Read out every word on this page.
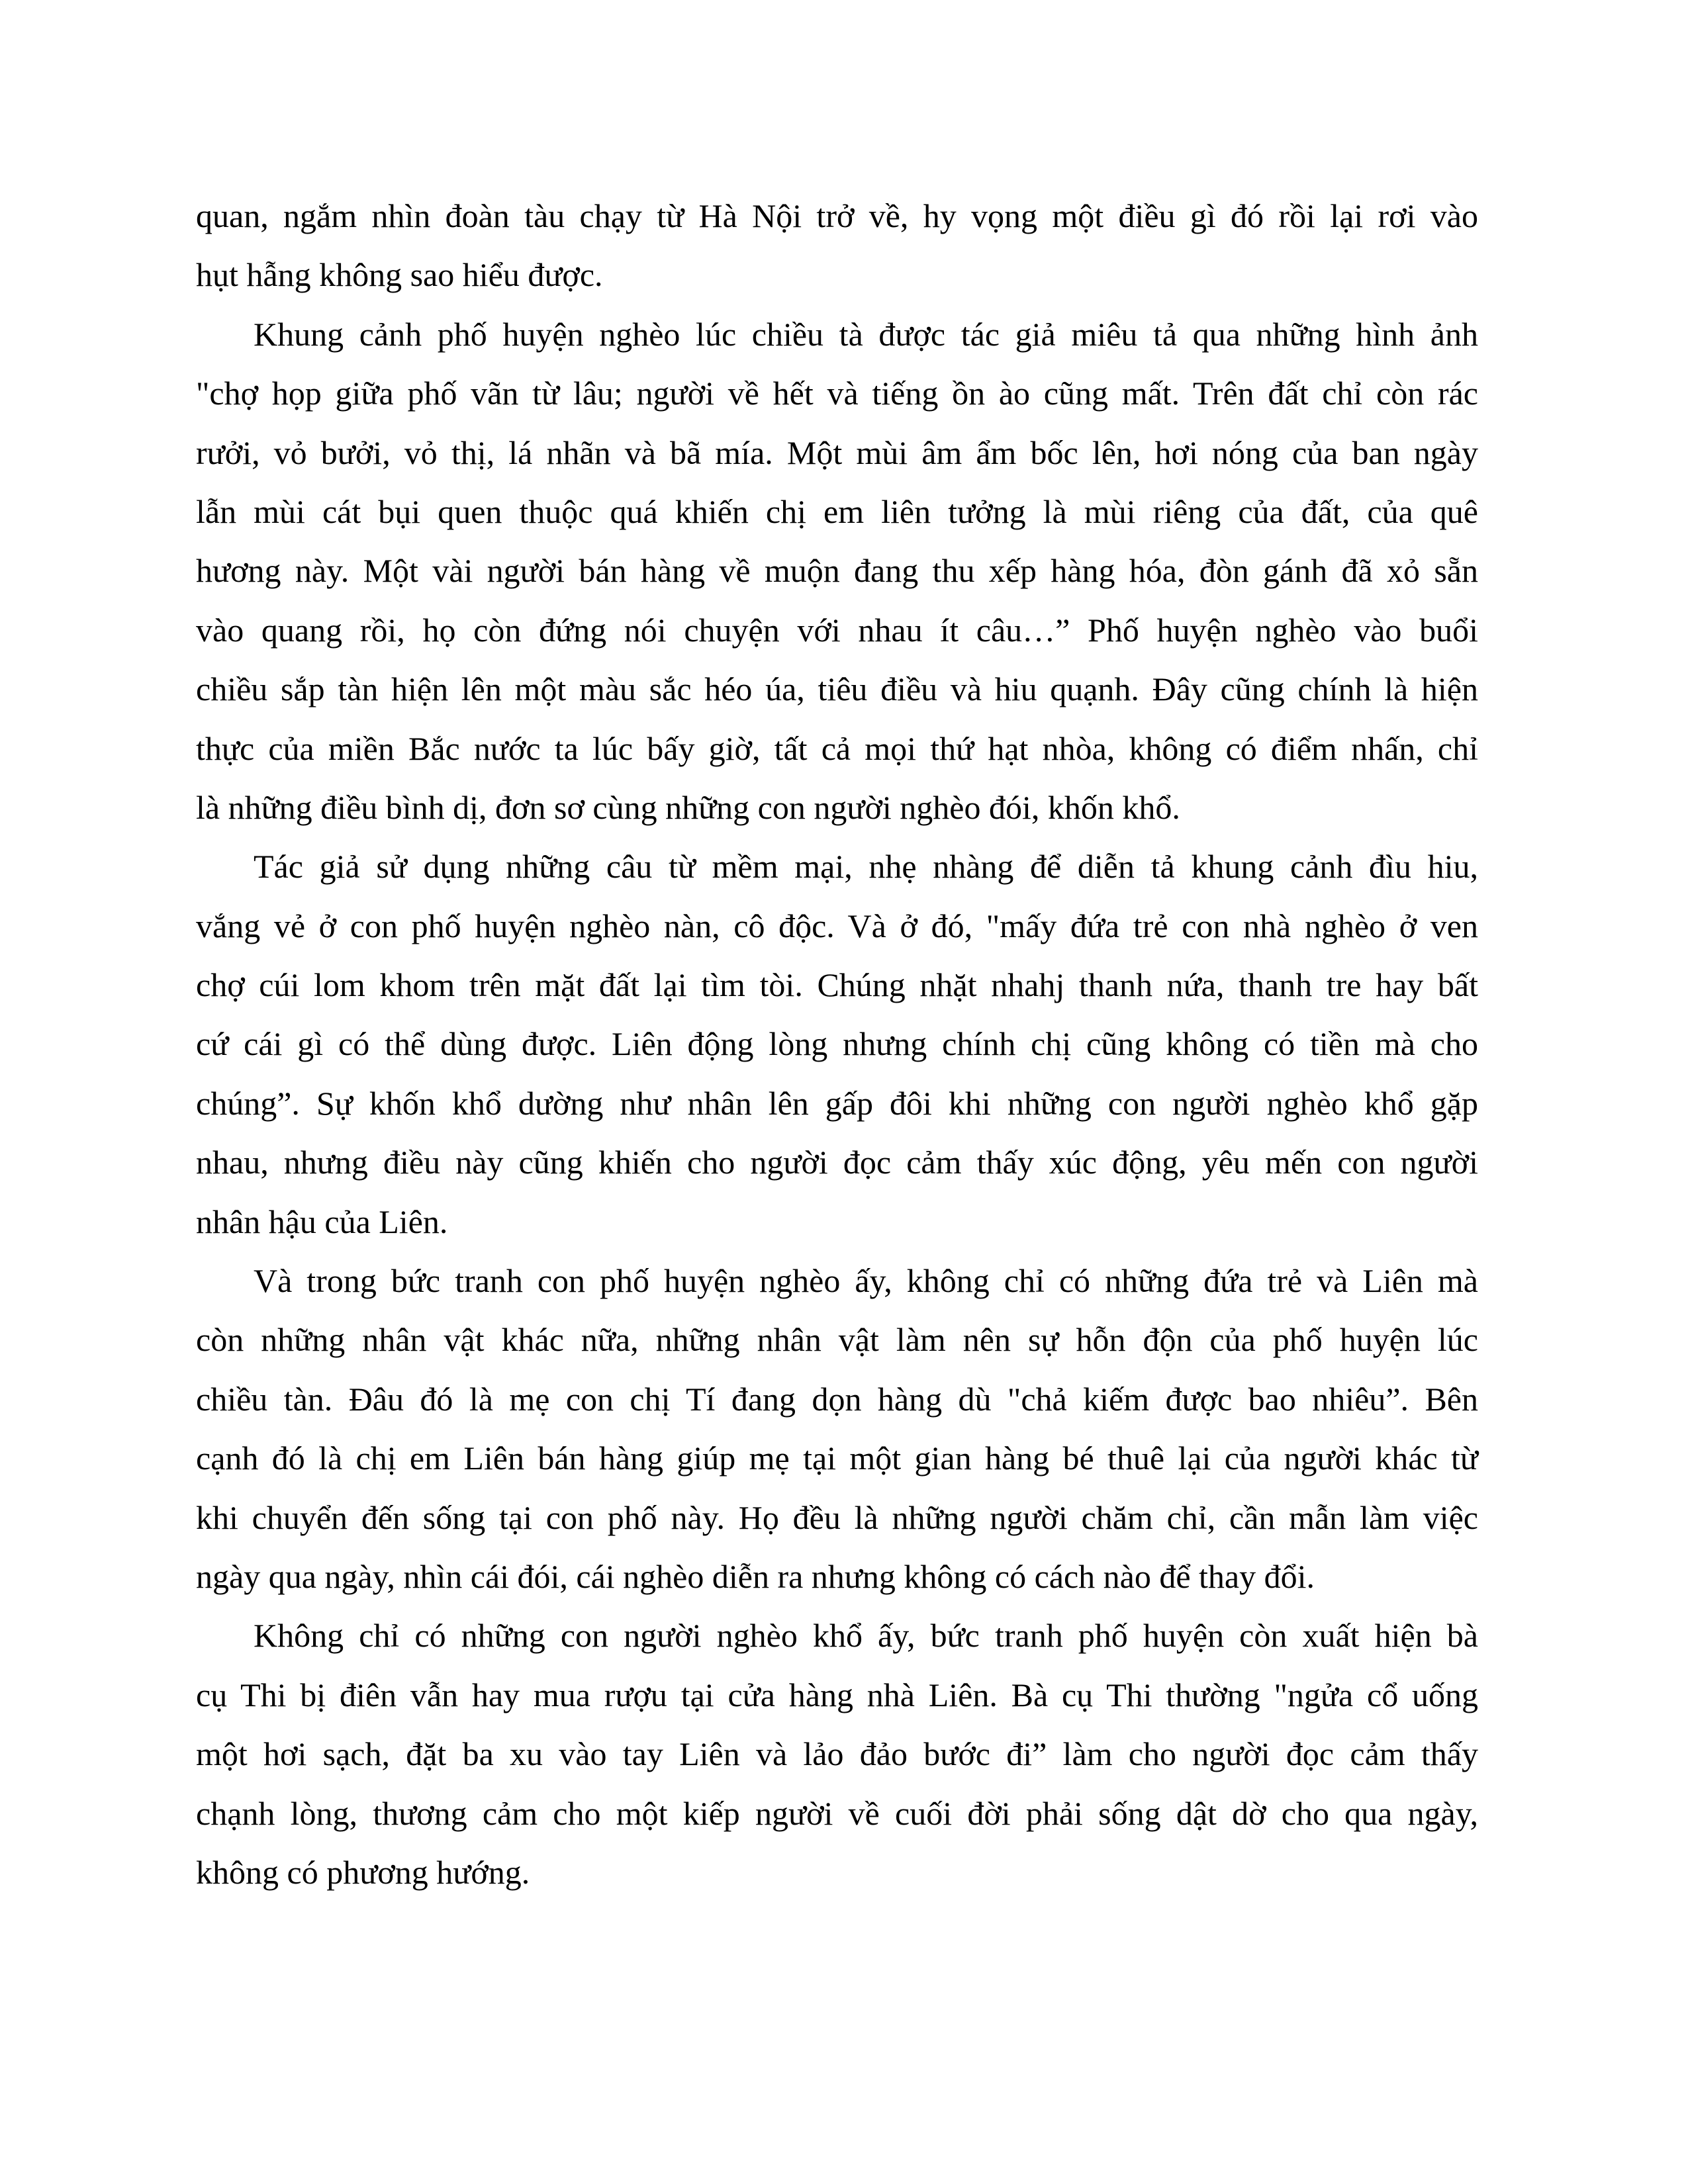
quan, ngắm nhìn đoàn tàu chạy từ Hà Nội trở về, hy vọng một điều gì đó rồi lại rơi vào
hụt hẫng không sao hiểu được.
Khung cảnh phố huyện nghèo lúc chiều tà được tác giả miêu tả qua những hình ảnh
"chợ họp giữa phố vãn từ lâu; người về hết và tiếng ồn ào cũng mất. Trên đất chỉ còn rác
rưởi, vỏ bưởi, vỏ thị, lá nhãn và bã mía. Một mùi âm ẩm bốc lên, hơi nóng của ban ngày
lẫn mùi cát bụi quen thuộc quá khiến chị em liên tưởng là mùi riêng của đất, của quê
hương này. Một vài người bán hàng về muộn đang thu xếp hàng hóa, đòn gánh đã xỏ sẵn
vào quang rồi, họ còn đứng nói chuyện với nhau ít câu…” Phố huyện nghèo vào buổi
chiều sắp tàn hiện lên một màu sắc héo úa, tiêu điều và hiu quạnh. Đây cũng chính là hiện
thực của miền Bắc nước ta lúc bấy giờ, tất cả mọi thứ hạt nhòa, không có điểm nhấn, chỉ
là những điều bình dị, đơn sơ cùng những con người nghèo đói, khốn khổ.
Tác giả sử dụng những câu từ mềm mại, nhẹ nhàng để diễn tả khung cảnh đìu hiu,
vắng vẻ ở con phố huyện nghèo nàn, cô độc. Và ở đó, "mấy đứa trẻ con nhà nghèo ở ven
chợ cúi lom khom trên mặt đất lại tìm tòi. Chúng nhặt nhahj thanh nứa, thanh tre hay bất
cứ cái gì có thể dùng được. Liên động lòng nhưng chính chị cũng không có tiền mà cho
chúng”. Sự khốn khổ dường như nhân lên gấp đôi khi những con người nghèo khổ gặp
nhau, nhưng điều này cũng khiến cho người đọc cảm thấy xúc động, yêu mến con người
nhân hậu của Liên.
Và trong bức tranh con phố huyện nghèo ấy, không chỉ có những đứa trẻ và Liên mà
còn những nhân vật khác nữa, những nhân vật làm nên sự hỗn độn của phố huyện lúc
chiều tàn. Đâu đó là mẹ con chị Tí đang dọn hàng dù "chả kiếm được bao nhiêu”. Bên
cạnh đó là chị em Liên bán hàng giúp mẹ tại một gian hàng bé thuê lại của người khác từ
khi chuyển đến sống tại con phố này. Họ đều là những người chăm chỉ, cần mẫn làm việc
ngày qua ngày, nhìn cái đói, cái nghèo diễn ra nhưng không có cách nào để thay đổi.
Không chỉ có những con người nghèo khổ ấy, bức tranh phố huyện còn xuất hiện bà
cụ Thi bị điên vẫn hay mua rượu tại cửa hàng nhà Liên. Bà cụ Thi thường "ngửa cổ uống
một hơi sạch, đặt ba xu vào tay Liên và lảo đảo bước đi” làm cho người đọc cảm thấy
chạnh lòng, thương cảm cho một kiếp người về cuối đời phải sống dật dờ cho qua ngày,
không có phương hướng.
